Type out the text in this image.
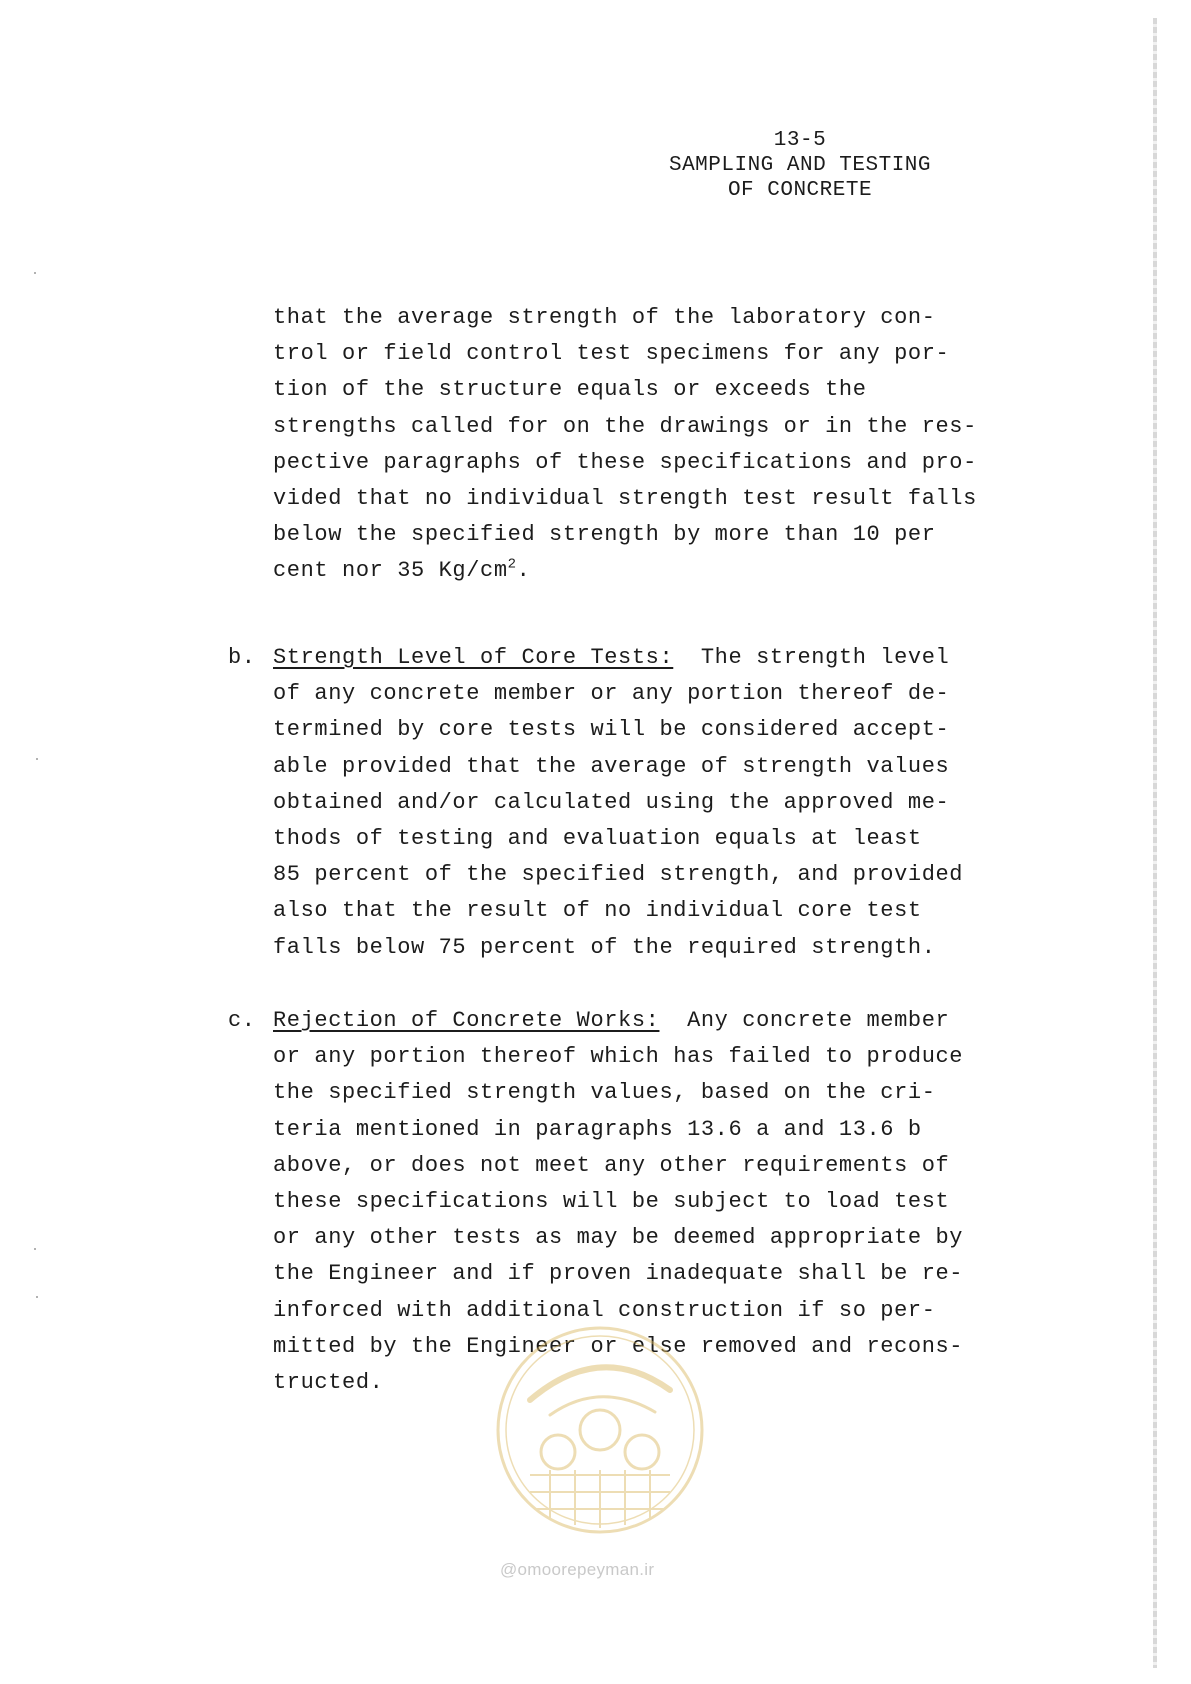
13-5
SAMPLING AND TESTING
OF CONCRETE
that the average strength of the laboratory con-
trol or field control test specimens for any por-
tion of the structure equals or exceeds the
strengths called for on the drawings or in the res-
pective paragraphs of these specifications and pro-
vided that no individual strength test result falls
below the specified strength by more than 10 per
cent nor 35 $Kg/cm^2$.
b. Strength Level of Core Tests: The strength level
of any concrete member or any portion thereof de-
termined by core tests will be considered accept-
able provided that the average of strength values
obtained and/or calculated using the approved me-
thods of testing and evaluation equals at least
85 percent of the specified strength, and provided
also that the result of no individual core test
falls below 75 percent of the required strength.
c. Rejection of Concrete Works: Any concrete member
or any portion thereof which has failed to produce
the specified strength values, based on the cri-
teria mentioned in paragraphs 13.6 a and 13.6 b
above, or does not meet any other requirements of
these specifications will be subject to load test
or any other tests as may be deemed appropriate by
the Engineer and if proven inadequate shall be re-
inforced with additional construction if so per-
mitted by the Engineer or else removed and recons-
tructed.
@omoorepeyman.ir
